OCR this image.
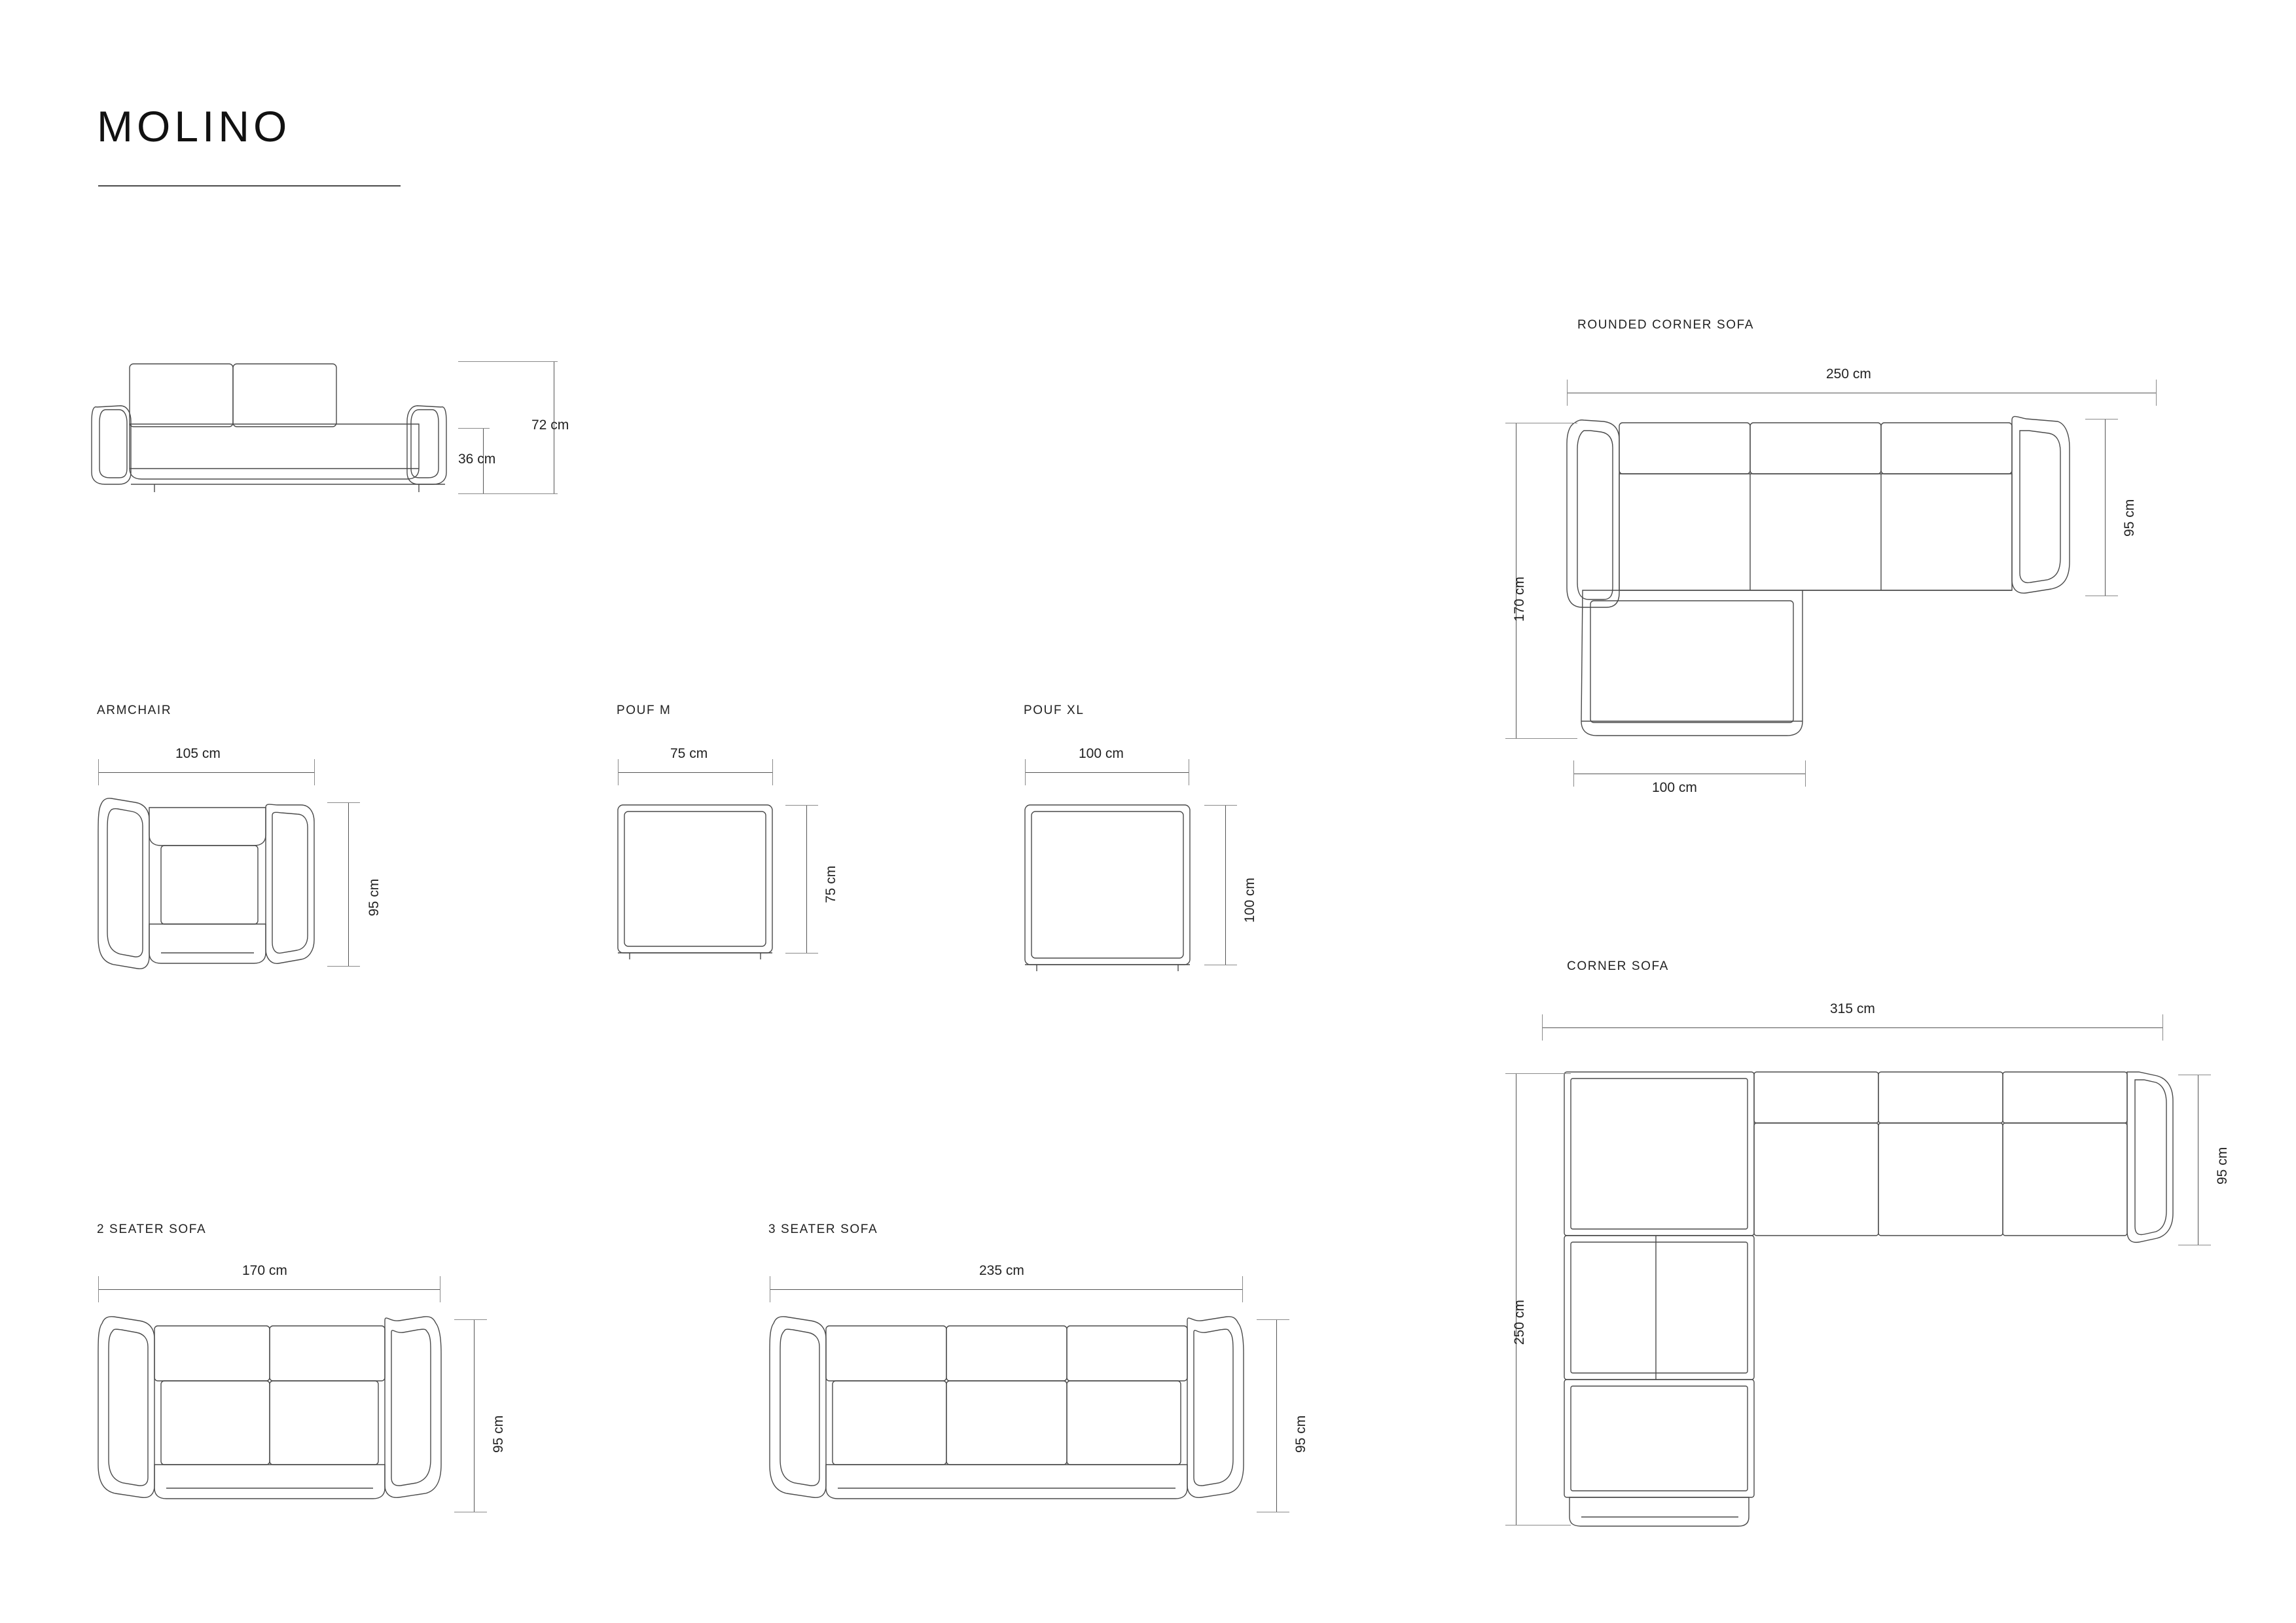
MOLINO
72 cm
36 cm
ARMCHAIR
105 cm
95 cm
POUF M
75 cm
75 cm
POUF XL
100 cm
100 cm
2 SEATER SOFA
170 cm
95 cm
3 SEATER SOFA
235 cm
95 cm
ROUNDED CORNER SOFA
250 cm
95 cm
170 cm
100 cm
CORNER SOFA
315 cm
95 cm
250 cm
